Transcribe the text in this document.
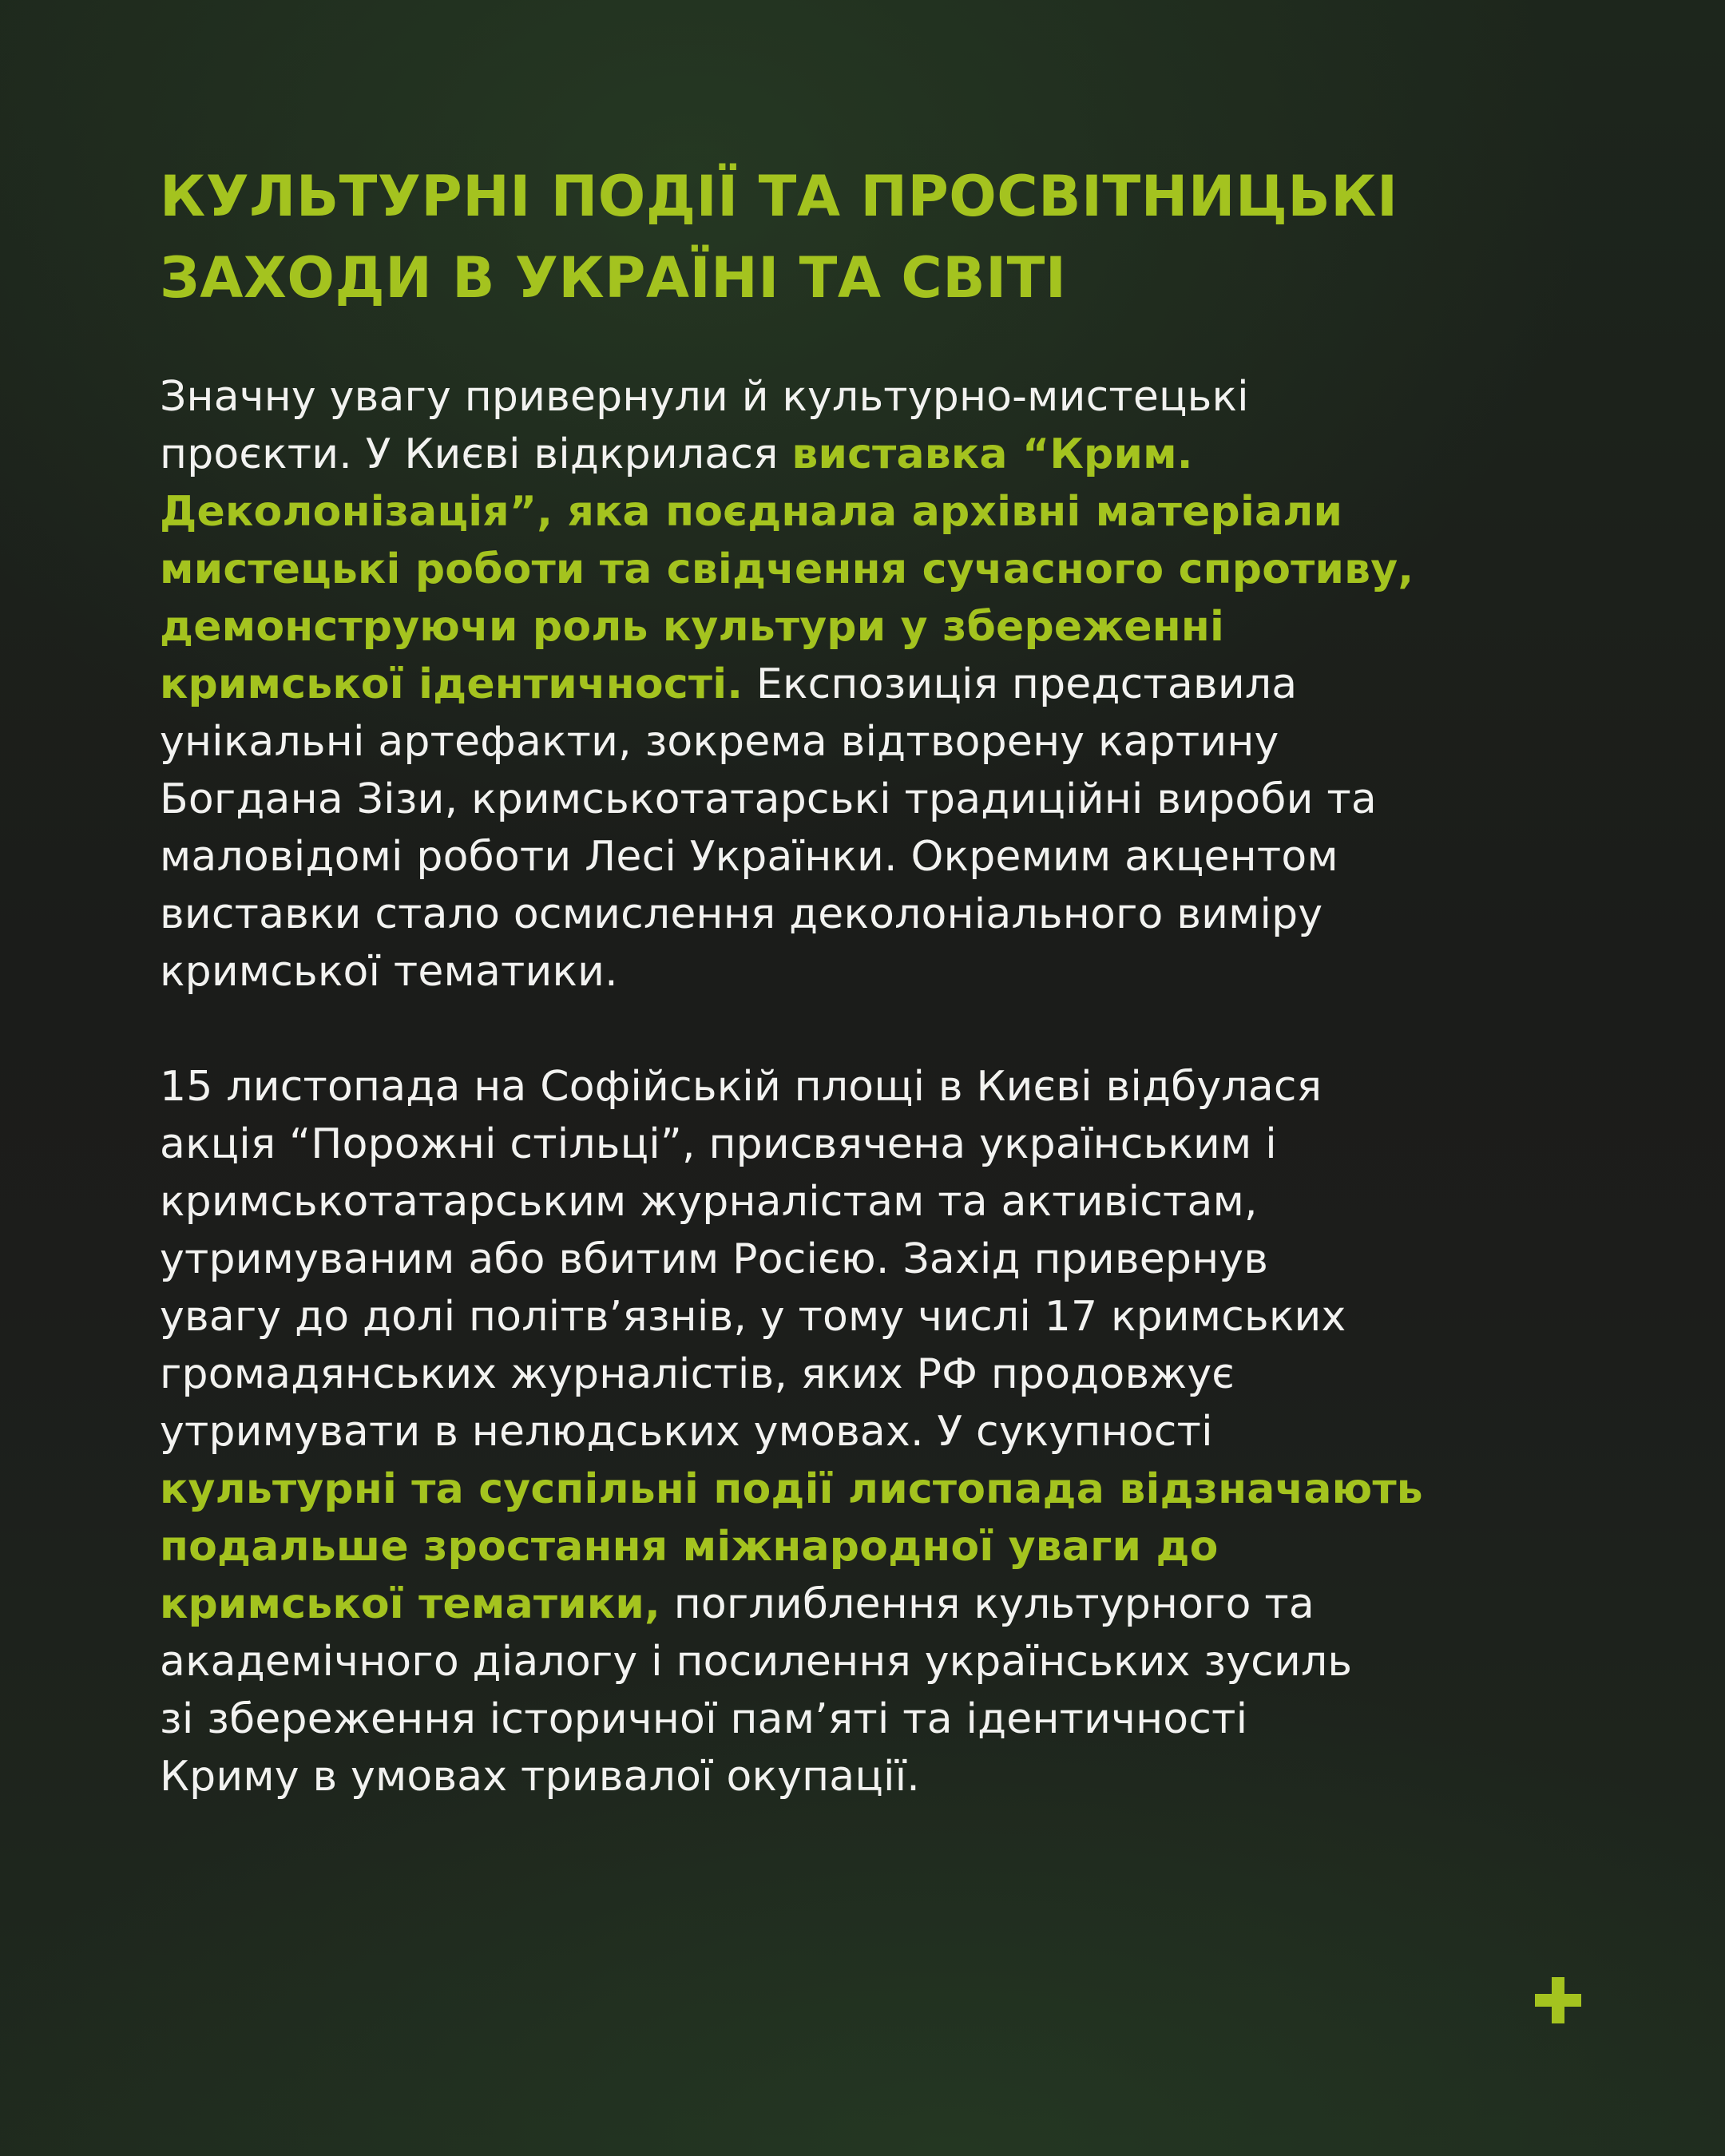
КУЛЬТУРНІ ПОДІЇ ТА ПРОСВІТНИЦЬКІ
ЗАХОДИ В УКРАЇНІ ТА СВІТІ

Значну увагу привернули й культурно-мистецькі
проєкти. У Києві відкрилася виставка “Крим.
Деколонізація”, яка поєднала архівні матеріали
мистецькі роботи та свідчення сучасного спротиву,
демонструючи роль культури у збереженні
кримської ідентичності. Експозиція представила
унікальні артефакти, зокрема відтворену картину
Богдана Зізи, кримськотатарські традиційні вироби та
маловідомі роботи Лесі Українки. Окремим акцентом
виставки стало осмислення деколоніального виміру
кримської тематики.

15 листопада на Софійській площі в Києві відбулася
акція “Порожні стільці”, присвячена українським і
кримськотатарським журналістам та активістам,
утримуваним або вбитим Росією. Захід привернув
увагу до долі політв’язнів, у тому числі 17 кримських
громадянських журналістів, яких РФ продовжує
утримувати в нелюдських умовах. У сукупності
культурні та суспільні події листопада відзначають
подальше зростання міжнародної уваги до
кримської тематики, поглиблення культурного та
академічного діалогу і посилення українських зусиль
зі збереження історичної пам’яті та ідентичності
Криму в умовах тривалої окупації.
